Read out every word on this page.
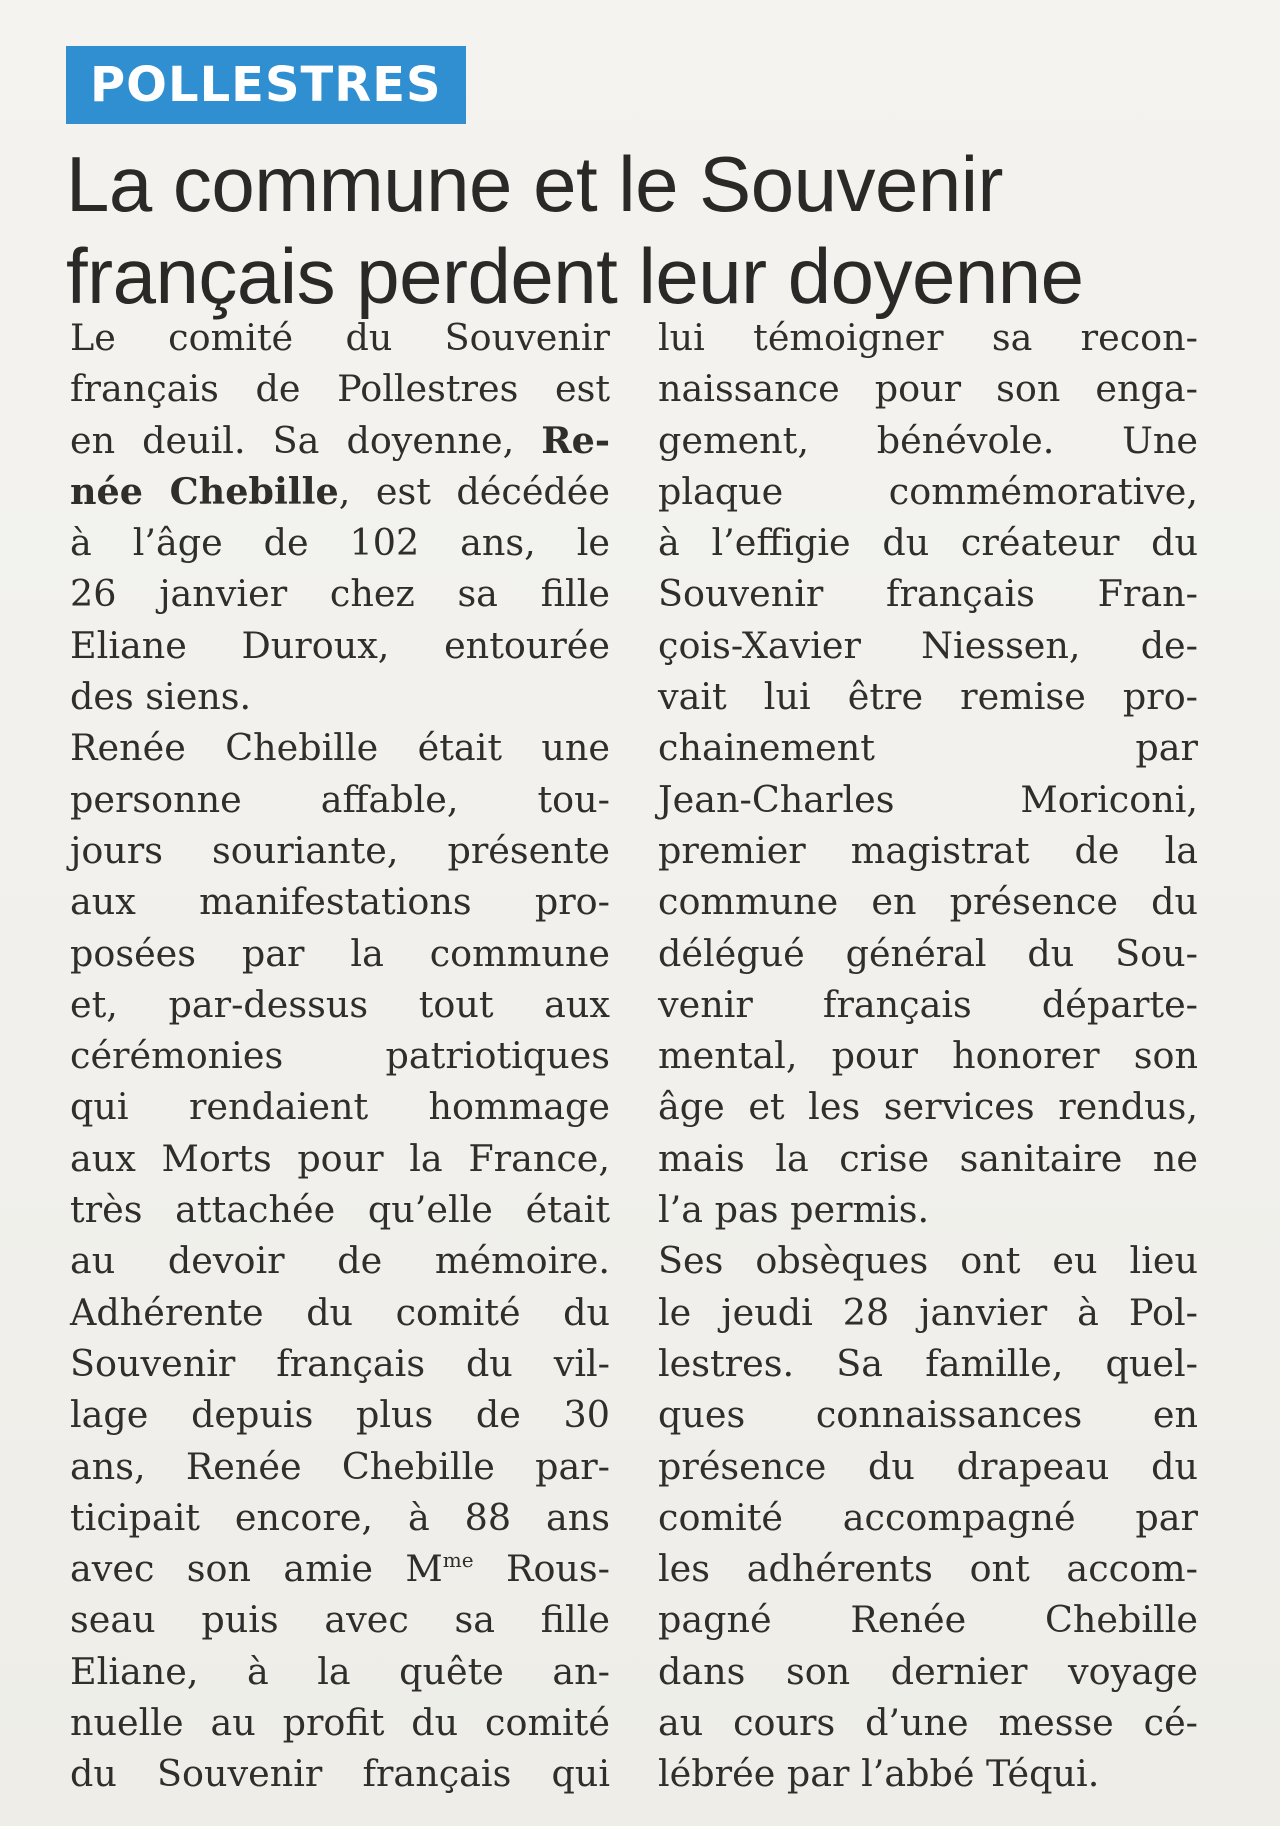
POLLESTRES
La commune et le Souvenir
français perdent leur doyenne
Le comité du Souvenir
français de Pollestres est
en deuil. Sa doyenne, Re-
née Chebille, est décédée
à l’âge de 102 ans, le
26 janvier chez sa fille
Eliane Duroux, entourée
des siens.
Renée Chebille était une
personne affable, tou-
jours souriante, présente
aux manifestations pro-
posées par la commune
et, par-dessus tout aux
cérémonies patriotiques
qui rendaient hommage
aux Morts pour la France,
très attachée qu’elle était
au devoir de mémoire.
Adhérente du comité du
Souvenir français du vil-
lage depuis plus de 30
ans, Renée Chebille par-
ticipait encore, à 88 ans
avec son amie $M^{me}$ Rous-
seau puis avec sa fille
Eliane, à la quête an-
nuelle au profit du comité
du Souvenir français qui
lui témoigner sa recon-
naissance pour son enga-
gement, bénévole. Une
plaque commémorative,
à l’effigie du créateur du
Souvenir français Fran-
çois-Xavier Niessen, de-
vait lui être remise pro-
chainement par
Jean-Charles Moriconi,
premier magistrat de la
commune en présence du
délégué général du Sou-
venir français départe-
mental, pour honorer son
âge et les services rendus,
mais la crise sanitaire ne
l’a pas permis.
Ses obsèques ont eu lieu
le jeudi 28 janvier à Pol-
lestres. Sa famille, quel-
ques connaissances en
présence du drapeau du
comité accompagné par
les adhérents ont accom-
pagné Renée Chebille
dans son dernier voyage
au cours d’une messe cé-
lébrée par l’abbé Téqui.
